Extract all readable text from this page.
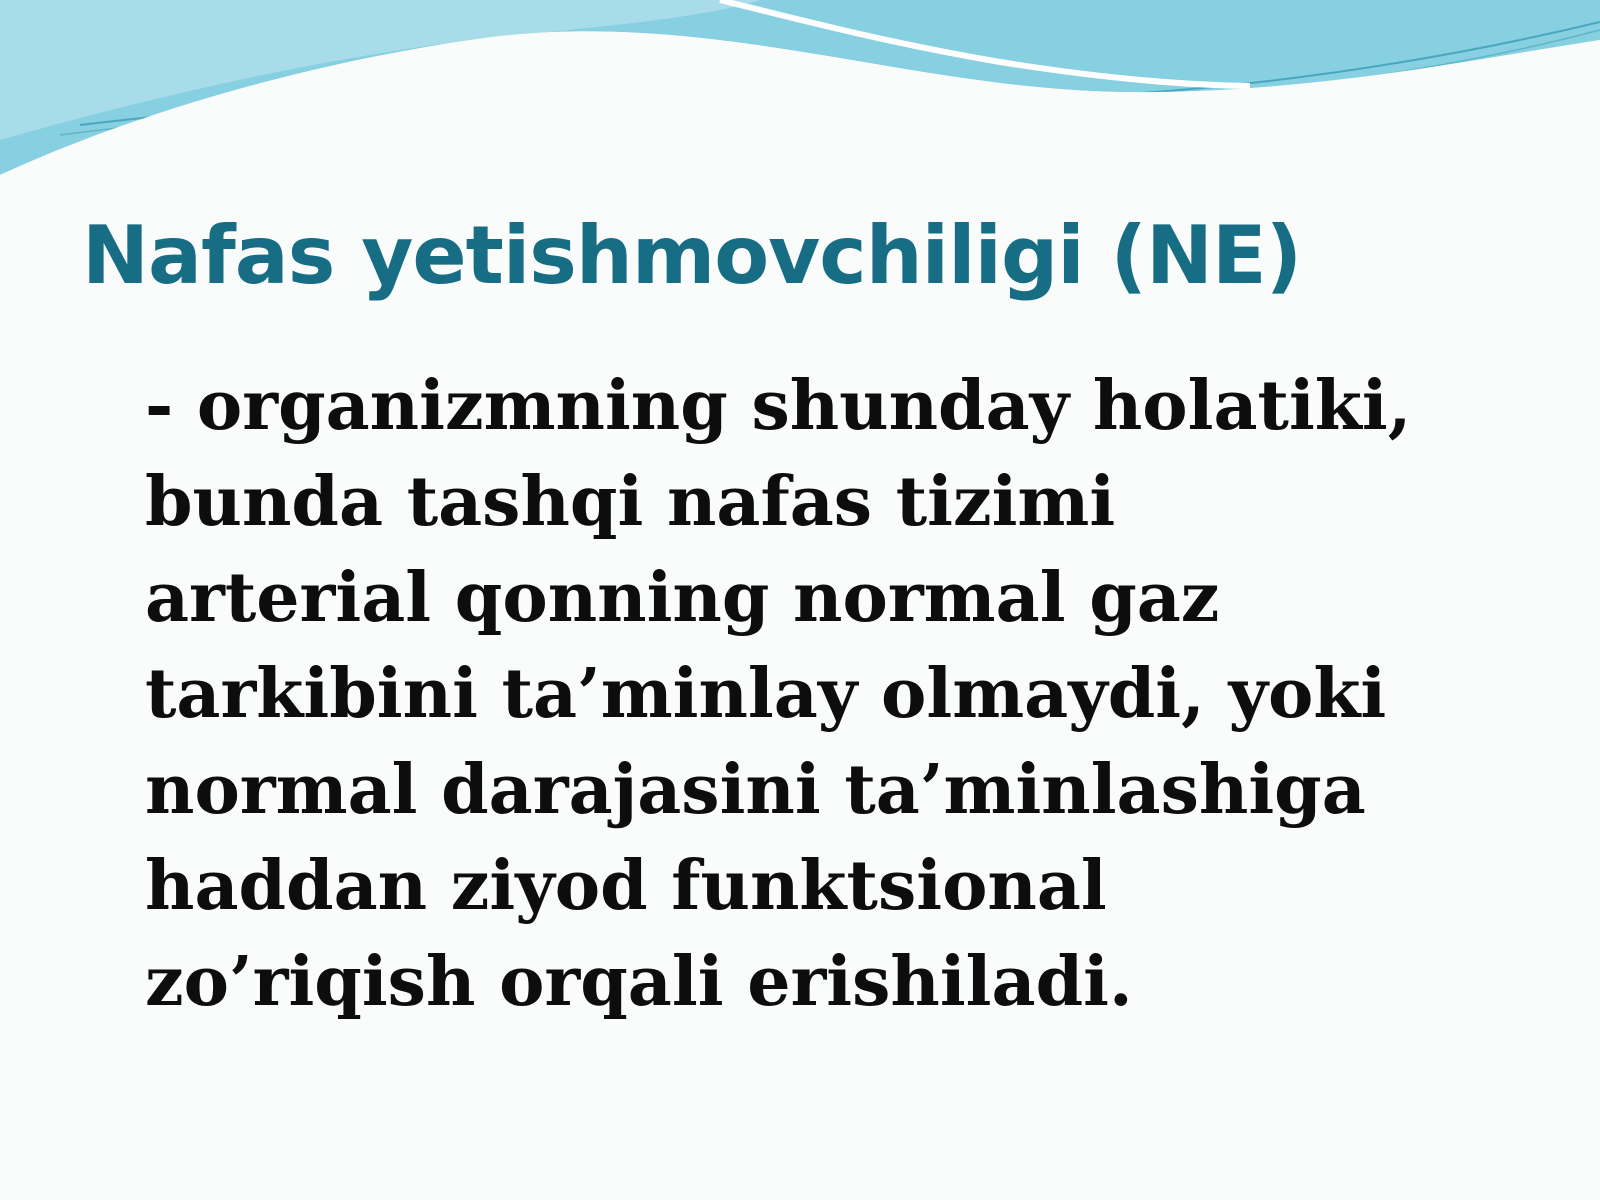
Nafas yetishmovchiligi (NE)
- organizmning shunday holatiki,
bunda tashqi nafas tizimi
arterial qonning normal gaz
tarkibini ta’minlay olmaydi, yoki
normal darajasini ta’minlashiga
haddan ziyod funktsional
zo’riqish orqali erishiladi.
